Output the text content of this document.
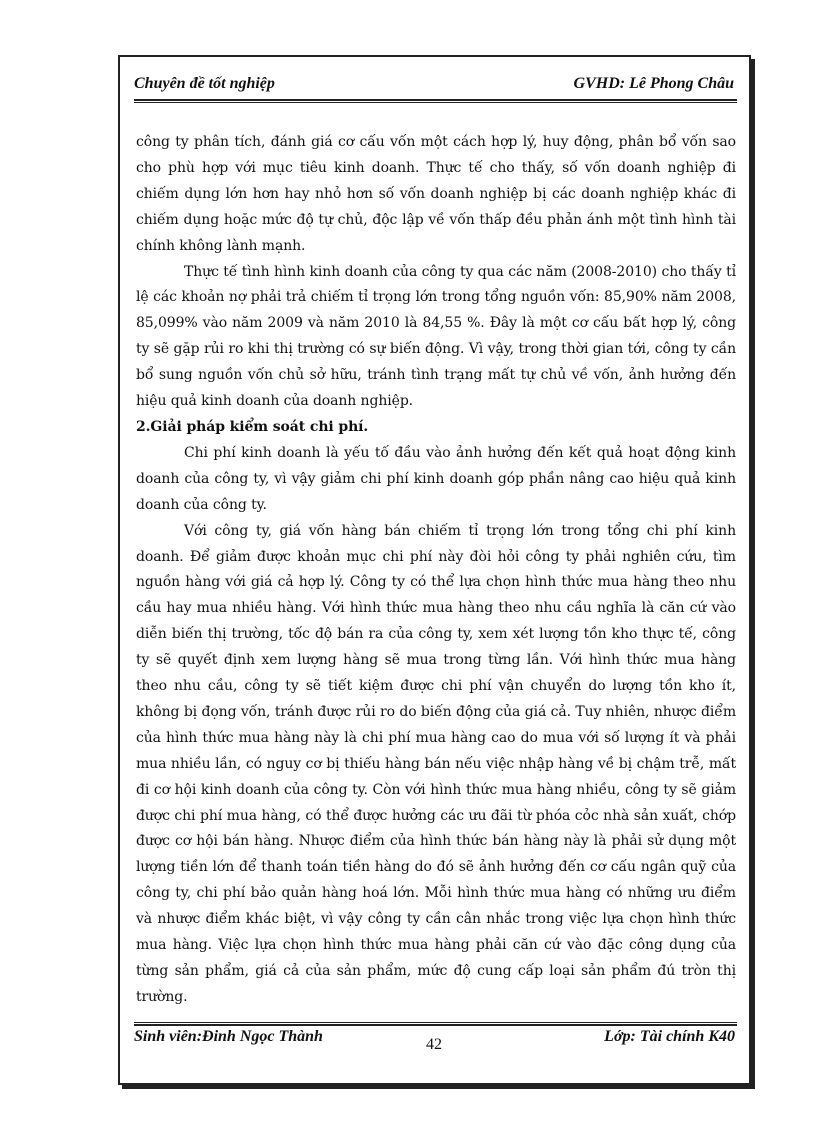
Chuyên đề tốt nghiệp	GVHD: Lê Phong Châu

công ty phân tích, đánh giá cơ cấu vốn một cách hợp lý, huy động, phân bổ vốn sao cho phù hợp với mục tiêu kinh doanh. Thực tế cho thấy, số vốn doanh nghiệp đi chiếm dụng lớn hơn hay nhỏ hơn số vốn doanh nghiệp bị các doanh nghiệp khác đi chiếm dụng hoặc mức độ tự chủ, độc lập về vốn thấp đều phản ánh một tình hình tài chính không lành mạnh.

Thực tế tình hình kinh doanh của công ty qua các năm (2008-2010) cho thấy tỉ lệ các khoản nợ phải trả chiếm tỉ trọng lớn trong tổng nguồn vốn: 85,90% năm 2008, 85,099% vào năm 2009 và năm 2010 là 84,55 %. Đây là một cơ cấu bất hợp lý, công ty sẽ gặp rủi ro khi thị trường có sự biến động. Vì vậy, trong thời gian tới, công ty cần bổ sung nguồn vốn chủ sở hữu, tránh tình trạng mất tự chủ về vốn, ảnh hưởng đến hiệu quả kinh doanh của doanh nghiệp.

2.Giải pháp kiểm soát chi phí.

Chi phí kinh doanh là yếu tố đầu vào ảnh hưởng đến kết quả hoạt động kinh doanh của công ty, vì vậy giảm chi phí kinh doanh góp phần nâng cao hiệu quả kinh doanh của công ty.

Với công ty, giá vốn hàng bán chiếm tỉ trọng lớn trong tổng chi phí kinh doanh. Để giảm được khoản mục chi phí này đòi hỏi công ty phải nghiên cứu, tìm nguồn hàng với giá cả hợp lý. Công ty có thể lựa chọn hình thức mua hàng theo nhu cầu hay mua nhiều hàng. Với hình thức mua hàng theo nhu cầu nghĩa là căn cứ vào diễn biến thị trường, tốc độ bán ra của công ty, xem xét lượng tồn kho thực tế, công ty sẽ quyết định xem lượng hàng sẽ mua trong từng lần. Với hình thức mua hàng theo nhu cầu, công ty sẽ tiết kiệm được chi phí vận chuyển do lượng tồn kho ít, không bị đọng vốn, tránh được rủi ro do biến động của giá cả. Tuy nhiên, nhược điểm của hình thức mua hàng này là chi phí mua hàng cao do mua với số lượng ít và phải mua nhiều lần, có nguy cơ bị thiếu hàng bán nếu việc nhập hàng về bị chậm trễ, mất đi cơ hội kinh doanh của công ty. Còn với hình thức mua hàng nhiều, công ty sẽ giảm được chi phí mua hàng, có thể được hưởng các ưu đãi từ phóa cỏc nhà sản xuất, chớp được cơ hội bán hàng. Nhược điểm của hình thức bán hàng này là phải sử dụng một lượng tiền lớn để thanh toán tiền hàng do đó sẽ ảnh hưởng đến cơ cấu ngân quỹ của công ty, chi phí bảo quản hàng hoá lớn. Mỗi hình thức mua hàng có những ưu điểm và nhược điểm khác biệt, vì vậy công ty cần cân nhắc trong việc lựa chọn hình thức mua hàng. Việc lựa chọn hình thức mua hàng phải căn cứ vào đặc công dụng của từng sản phẩm, giá cả của sản phẩm, mức độ cung cấp loại sản phẩm đú tròn thị trường.

Sinh viên:Đinh Ngọc Thành	42	Lớp: Tài chính K40
